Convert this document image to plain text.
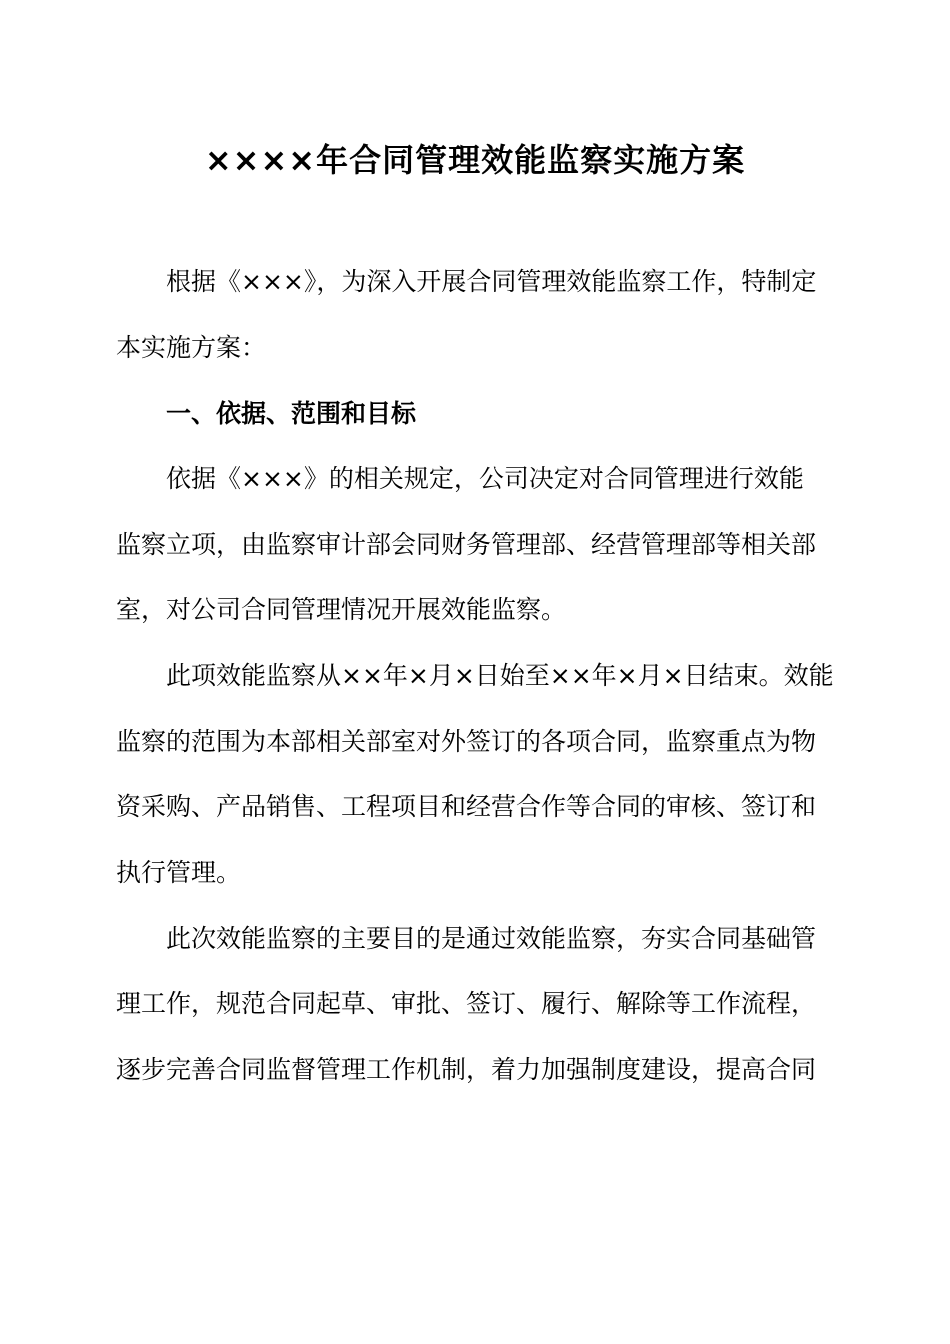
××××年合同管理效能监察实施方案
根据《×××》，为深入开展合同管理效能监察工作，特制定
本实施方案：
一、依据、范围和目标
依据《×××》的相关规定，公司决定对合同管理进行效能
监察立项，由监察审计部会同财务管理部、经营管理部等相关部
室，对公司合同管理情况开展效能监察。
此项效能监察从××年×月×日始至××年×月×日结束。效能
监察的范围为本部相关部室对外签订的各项合同，监察重点为物
资采购、产品销售、工程项目和经营合作等合同的审核、签订和
执行管理。
此次效能监察的主要目的是通过效能监察，夯实合同基础管
理工作，规范合同起草、审批、签订、履行、解除等工作流程，
逐步完善合同监督管理工作机制，着力加强制度建设，提高合同
